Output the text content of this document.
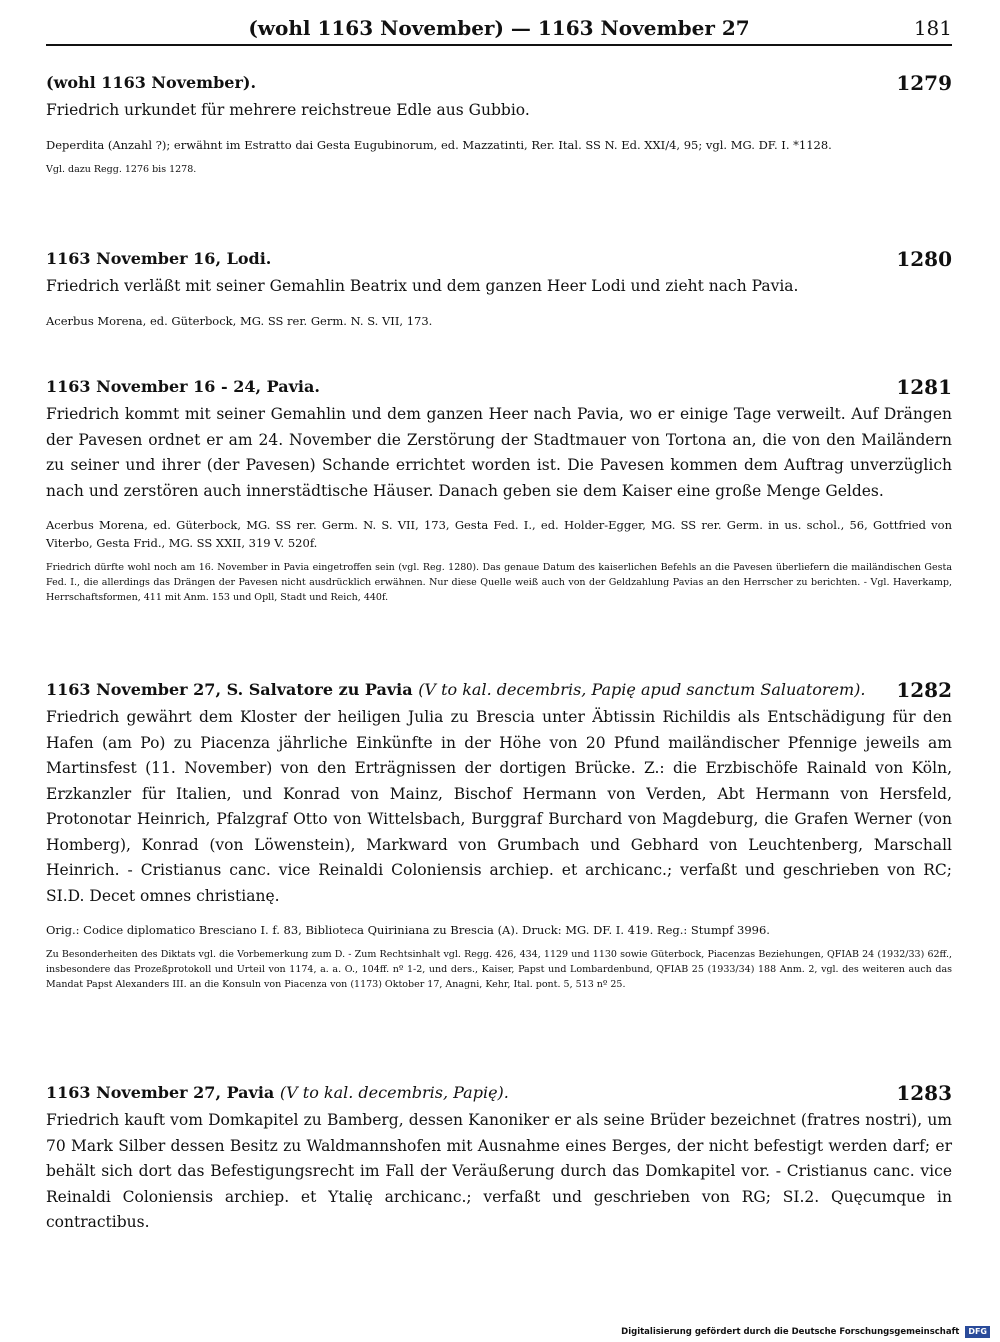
(wohl 1163 November) — 1163 November 27	181
(wohl 1163 November).	1279
Friedrich urkundet für mehrere reichstreue Edle aus Gubbio.
Deperdita (Anzahl ?); erwähnt im Estratto dai Gesta Eugubinorum, ed. Mazzatinti, Rer. Ital. SS N. Ed. XXI/4, 95; vgl. MG. DF. I. *1128.
Vgl. dazu Regg. 1276 bis 1278.
1163 November 16, Lodi.	1280
Friedrich verläßt mit seiner Gemahlin Beatrix und dem ganzen Heer Lodi und zieht nach Pavia.
Acerbus Morena, ed. Güterbock, MG. SS rer. Germ. N. S. VII, 173.
1163 November 16 - 24, Pavia.	1281
Friedrich kommt mit seiner Gemahlin und dem ganzen Heer nach Pavia, wo er einige Tage verweilt. Auf Drängen der Pavesen ordnet er am 24. November die Zerstörung der Stadtmauer von Tortona an, die von den Mailändern zu seiner und ihrer (der Pavesen) Schande errichtet worden ist. Die Pavesen kommen dem Auftrag unverzüglich nach und zerstören auch innerstädtische Häuser. Danach geben sie dem Kaiser eine große Menge Geldes.
Acerbus Morena, ed. Güterbock, MG. SS rer. Germ. N. S. VII, 173, Gesta Fed. I., ed. Holder-Egger, MG. SS rer. Germ. in us. schol., 56, Gottfried von Viterbo, Gesta Frid., MG. SS XXII, 319 V. 520f.
Friedrich dürfte wohl noch am 16. November in Pavia eingetroffen sein (vgl. Reg. 1280). Das genaue Datum des kaiserlichen Befehls an die Pavesen überliefern die mailändischen Gesta Fed. I., die allerdings das Drängen der Pavesen nicht ausdrücklich erwähnen. Nur diese Quelle weiß auch von der Geldzahlung Pavias an den Herrscher zu berichten. - Vgl. Haverkamp, Herrschaftsformen, 411 mit Anm. 153 und Opll, Stadt und Reich, 440f.
1163 November 27, S. Salvatore zu Pavia (V to kal. decembris, Papię apud sanctum Saluatorem). 1282
Friedrich gewährt dem Kloster der heiligen Julia zu Brescia unter Äbtissin Richildis als Entschädigung für den Hafen (am Po) zu Piacenza jährliche Einkünfte in der Höhe von 20 Pfund mailändischer Pfennige jeweils am Martinsfest (11. November) von den Erträgnissen der dortigen Brücke. Z.: die Erzbischöfe Rainald von Köln, Erzkanzler für Italien, und Konrad von Mainz, Bischof Hermann von Verden, Abt Hermann von Hersfeld, Protonotar Heinrich, Pfalzgraf Otto von Wittelsbach, Burggraf Burchard von Magdeburg, die Grafen Werner (von Homberg), Konrad (von Löwenstein), Markward von Grumbach und Gebhard von Leuchtenberg, Marschall Heinrich. - Cristianus canc. vice Reinaldi Coloniensis archiep. et archicanc.; verfaßt und geschrieben von RC; SI.D. Decet omnes christianę.
Orig.: Codice diplomatico Bresciano I. f. 83, Biblioteca Quiriniana zu Brescia (A). Druck: MG. DF. I. 419. Reg.: Stumpf 3996.
Zu Besonderheiten des Diktats vgl. die Vorbemerkung zum D. - Zum Rechtsinhalt vgl. Regg. 426, 434, 1129 und 1130 sowie Güterbock, Piacenzas Beziehungen, QFIAB 24 (1932/33) 62ff., insbesondere das Prozeßprotokoll und Urteil von 1174, a. a. O., 104ff. nº 1-2, und ders., Kaiser, Papst und Lombardenbund, QFIAB 25 (1933/34) 188 Anm. 2, vgl. des weiteren auch das Mandat Papst Alexanders III. an die Konsuln von Piacenza von (1173) Oktober 17, Anagni, Kehr, Ital. pont. 5, 513 nº 25.
1163 November 27, Pavia (V to kal. decembris, Papię).	1283
Friedrich kauft vom Domkapitel zu Bamberg, dessen Kanoniker er als seine Brüder bezeichnet (fratres nostri), um 70 Mark Silber dessen Besitz zu Waldmannshofen mit Ausnahme eines Berges, der nicht befestigt werden darf; er behält sich dort das Befestigungsrecht im Fall der Veräußerung durch das Domkapitel vor. - Cristianus canc. vice Reinaldi Coloniensis archiep. et Ytalię archicanc.; verfaßt und geschrieben von RG; SI.2. Quęcumque in contractibus.
Digitalisierung gefördert durch die Deutsche Forschungsgemeinschaft DFG
